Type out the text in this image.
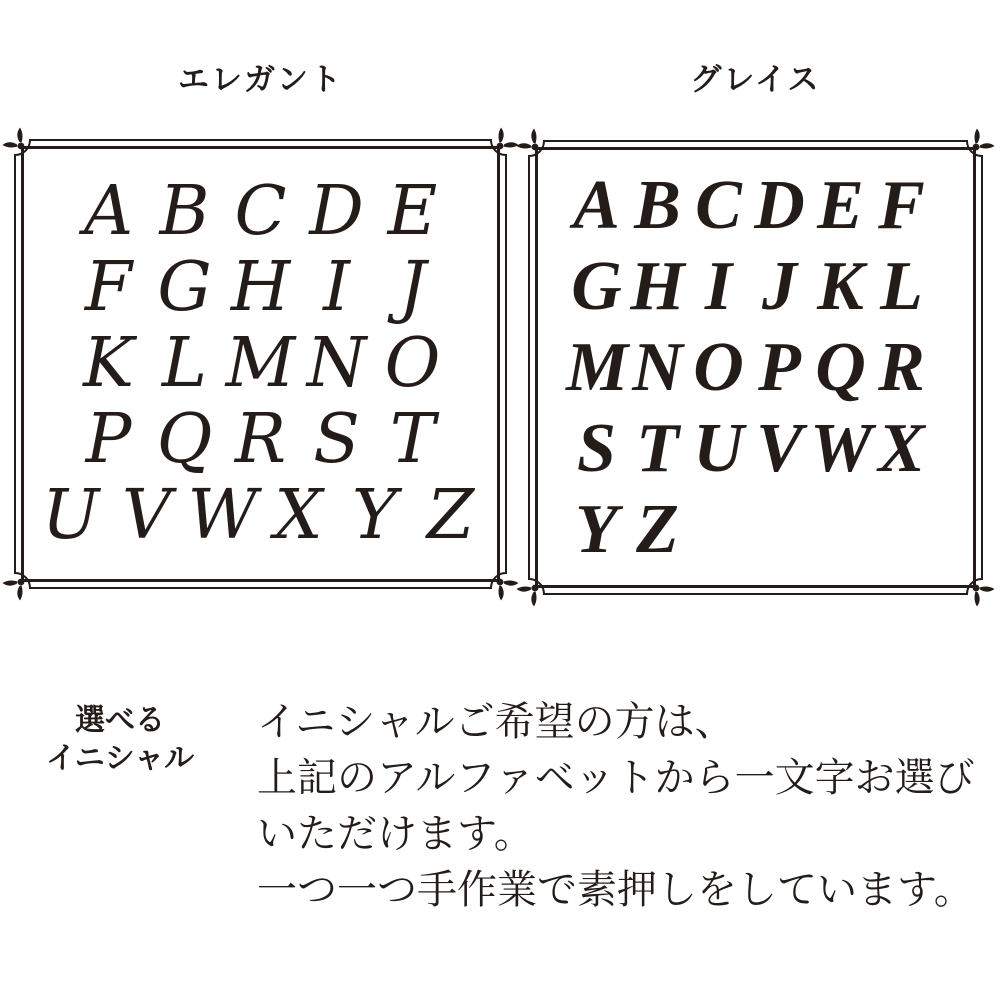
エレガント	グレイス
A B C D E
F G H I J
K L M N O
P Q R S T
U V W X Y Z
A B C D E F
G H I J K L
M N O P Q R
S T U V W X
Y Z
選べる
イニシャル
イニシャルご希望の方は、
上記のアルファベットから一文字お選び
いただけます。
一つ一つ手作業で素押しをしています。
